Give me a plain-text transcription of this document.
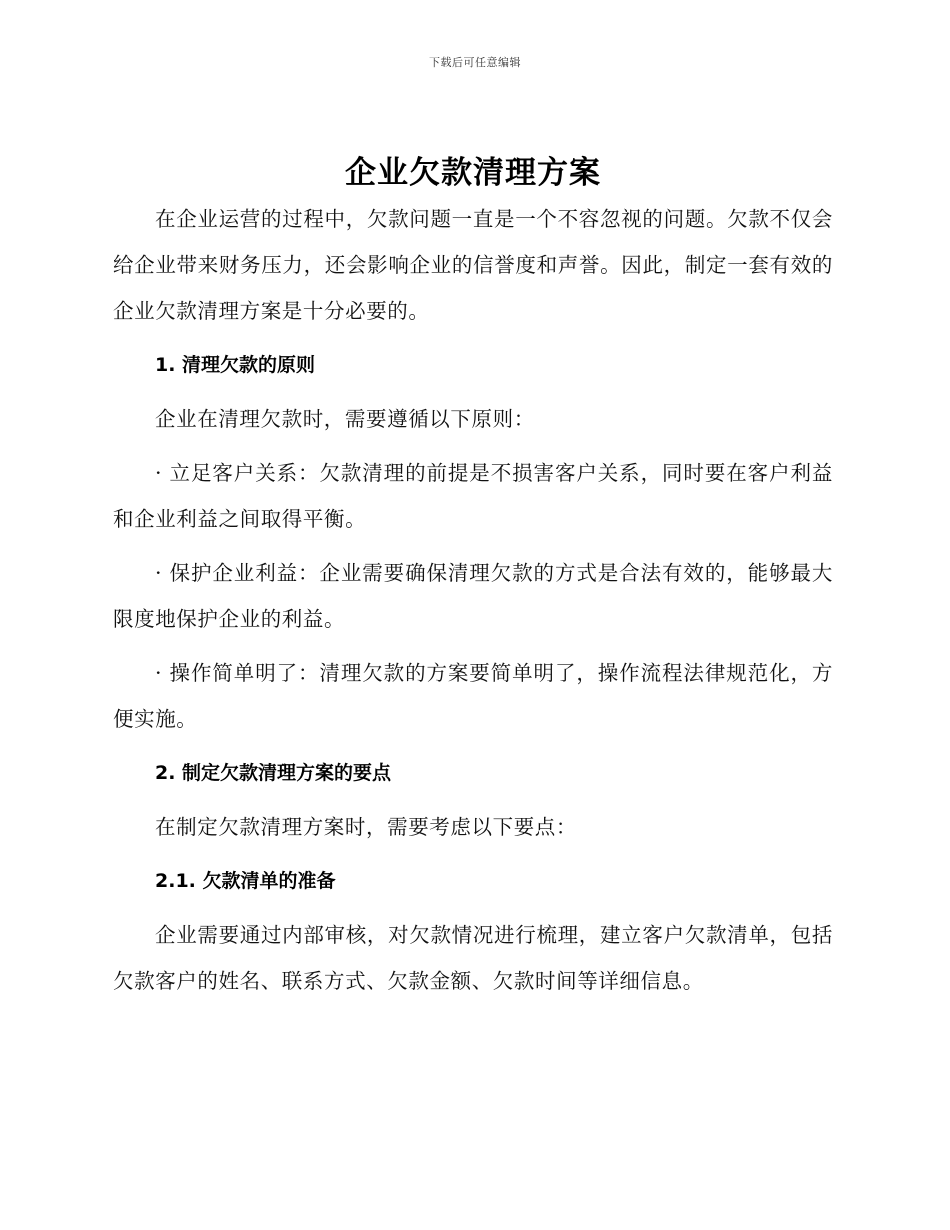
下载后可任意编辑
企业欠款清理方案

在企业运营的过程中，欠款问题一直是一个不容忽视的问题。欠款不仅会给企业带来财务压力，还会影响企业的信誉度和声誉。因此，制定一套有效的企业欠款清理方案是十分必要的。

1. 清理欠款的原则

企业在清理欠款时，需要遵循以下原则：

· 立足客户关系：欠款清理的前提是不损害客户关系，同时要在客户利益和企业利益之间取得平衡。

· 保护企业利益：企业需要确保清理欠款的方式是合法有效的，能够最大限度地保护企业的利益。

· 操作简单明了：清理欠款的方案要简单明了，操作流程法律规范化，方便实施。

2. 制定欠款清理方案的要点

在制定欠款清理方案时，需要考虑以下要点：

2.1. 欠款清单的准备

企业需要通过内部审核，对欠款情况进行梳理，建立客户欠款清单，包括欠款客户的姓名、联系方式、欠款金额、欠款时间等详细信息。
